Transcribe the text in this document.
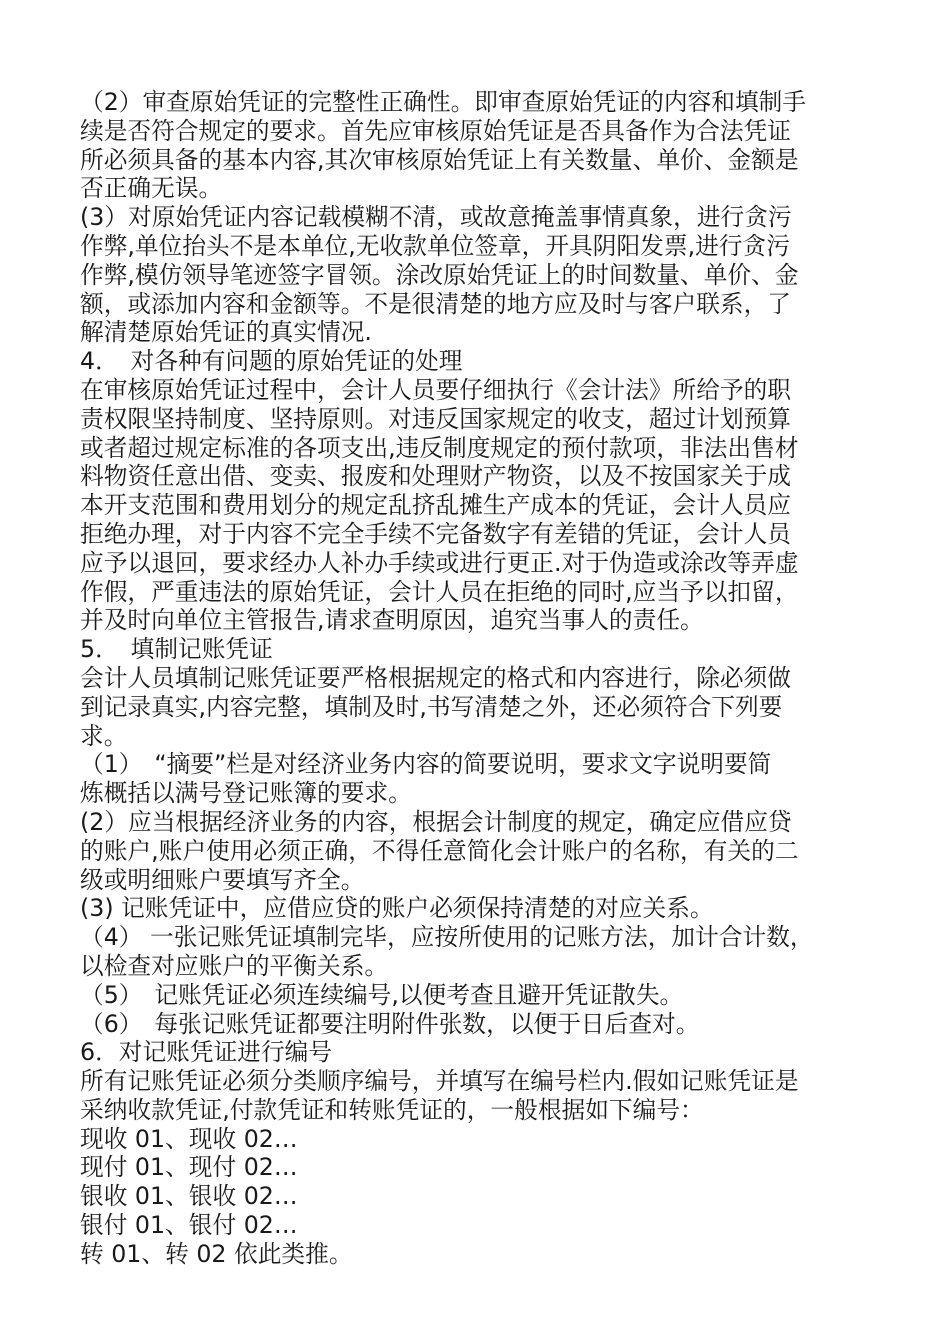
（2）审查原始凭证的完整性正确性。即审查原始凭证的内容和填制手
续是否符合规定的要求。首先应审核原始凭证是否具备作为合法凭证
所必须具备的基本内容,其次审核原始凭证上有关数量、单价、金额是
否正确无误。
(3）对原始凭证内容记载模糊不清，或故意掩盖事情真象，进行贪污
作弊,单位抬头不是本单位,无收款单位签章，开具阴阳发票,进行贪污
作弊,模仿领导笔迹签字冒领。涂改原始凭证上的时间数量、单价、金
额，或添加内容和金额等。不是很清楚的地方应及时与客户联系，了
解清楚原始凭证的真实情况.
4．　对各种有问题的原始凭证的处理
在审核原始凭证过程中，会计人员要仔细执行《会计法》所给予的职
责权限坚持制度、坚持原则。对违反国家规定的收支，超过计划预算
或者超过规定标准的各项支出,违反制度规定的预付款项，非法出售材
料物资任意出借、变卖、报废和处理财产物资，以及不按国家关于成
本开支范围和费用划分的规定乱挤乱摊生产成本的凭证，会计人员应
拒绝办理，对于内容不完全手续不完备数字有差错的凭证，会计人员
应予以退回，要求经办人补办手续或进行更正.对于伪造或涂改等弄虚
作假，严重违法的原始凭证，会计人员在拒绝的同时,应当予以扣留，
并及时向单位主管报告,请求查明原因，追究当事人的责任。
5．　填制记账凭证
会计人员填制记账凭证要严格根据规定的格式和内容进行，除必须做
到记录真实,内容完整，填制及时,书写清楚之外，还必须符合下列要
求。
（1）　“摘要”栏是对经济业务内容的简要说明，要求文字说明要简
炼概括以满号登记账簿的要求。
(2）应当根据经济业务的内容，根据会计制度的规定，确定应借应贷
的账户,账户使用必须正确，不得任意简化会计账户的名称，有关的二
级或明细账户要填写齐全。
(3) 记账凭证中，应借应贷的账户必须保持清楚的对应关系。
（4） 一张记账凭证填制完毕，应按所使用的记账方法，加计合计数，
以检查对应账户的平衡关系。
（5）　记账凭证必须连续编号,以便考查且避开凭证散失。
（6）　每张记账凭证都要注明附件张数，以便于日后查对。
6．对记账凭证进行编号
所有记账凭证必须分类顺序编号，并填写在编号栏内.假如记账凭证是
采纳收款凭证,付款凭证和转账凭证的，一般根据如下编号：
现收 01、现收 02…
现付 01、现付 02…
银收 01、银收 02…
银付 01、银付 02…
转 01、转 02 依此类推。
